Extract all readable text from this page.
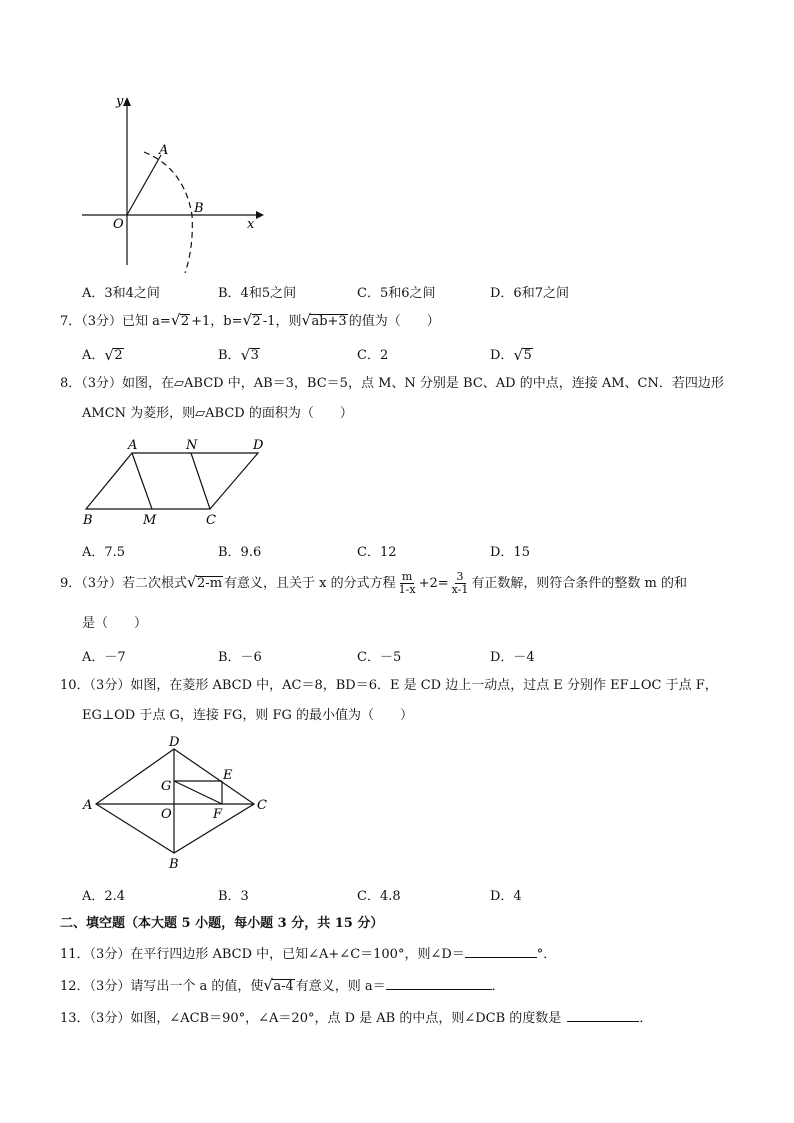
y
x
O
A
B
A．3和4之间	B．4和5之间	C．5和6之间	D．6和7之间
7．（3分）已知 a= √ 2 +1，b= √ 2 -1，则 √ ab+3 的值为（　　）
A． √ 2	B． √ 3	C．2	D． √ 5
8．（3分）如图，在▱ABCD 中，AB＝3，BC＝5，点 M、N 分别是 BC、AD 的中点，连接 AM、CN．若四边形
AMCN 为菱形，则▱ABCD 的面积为（　　）
A	N	D
B	M	C
A．7.5	B．9.6	C．12	D．15
9．（3分）若二次根式 √ 2-m 有意义，且关于 x 的分式方程 $\frac{m}{1-x} +2= \frac{3}{x-1}$ 有正数解，则符合条件的整数 m 的和
是（　　）
A．－7	B．－6	C．－5	D．－4
10．（3分）如图，在菱形 ABCD 中，AC＝8，BD＝6．E 是 CD 边上一动点，过点 E 分别作 EF⊥OC 于点 F，
EG⊥OD 于点 G，连接 FG，则 FG 的最小值为（　　）
A
D
E
G
O	F
C
B
A．2.4	B．3	C．4.8	D．4
二、填空题（本大题 5 小题，每小题 3 分，共 15 分）
11．（3分）在平行四边形 ABCD 中，已知∠A+∠C＝100°，则∠D＝	°．
12．（3分）请写出一个 a 的值，使 √ a-4 有意义，则 a＝	．
13．（3分）如图，∠ACB＝90°，∠A＝20°，点 D 是 AB 的中点，则∠DCB 的度数是	．
